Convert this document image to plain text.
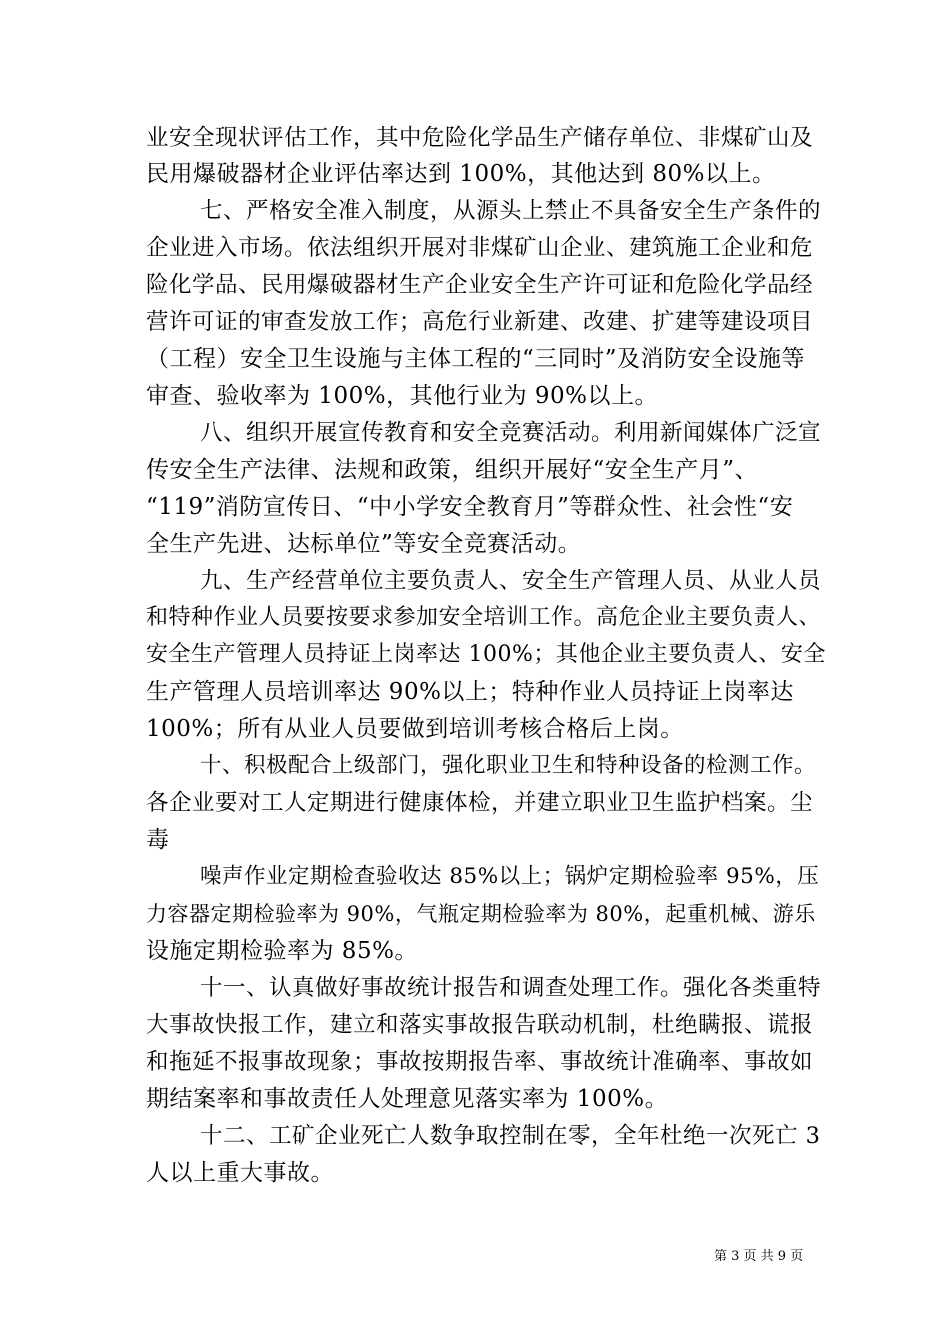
业安全现状评估工作，其中危险化学品生产储存单位、非煤矿山及
民用爆破器材企业评估率达到 100%，其他达到 80%以上。
七、严格安全准入制度，从源头上禁止不具备安全生产条件的
企业进入市场。依法组织开展对非煤矿山企业、建筑施工企业和危
险化学品、民用爆破器材生产企业安全生产许可证和危险化学品经
营许可证的审查发放工作；高危行业新建、改建、扩建等建设项目
（工程）安全卫生设施与主体工程的“三同时”及消防安全设施等
审查、验收率为 100%，其他行业为 90%以上。
八、组织开展宣传教育和安全竞赛活动。利用新闻媒体广泛宣
传安全生产法律、法规和政策，组织开展好“安全生产月”、
“119”消防宣传日、“中小学安全教育月”等群众性、社会性“安
全生产先进、达标单位”等安全竞赛活动。
九、生产经营单位主要负责人、安全生产管理人员、从业人员
和特种作业人员要按要求参加安全培训工作。高危企业主要负责人、
安全生产管理人员持证上岗率达 100%；其他企业主要负责人、安全
生产管理人员培训率达 90%以上；特种作业人员持证上岗率达
100%；所有从业人员要做到培训考核合格后上岗。
十、积极配合上级部门，强化职业卫生和特种设备的检测工作。
各企业要对工人定期进行健康体检，并建立职业卫生监护档案。尘
毒
噪声作业定期检查验收达 85%以上；锅炉定期检验率 95%，压
力容器定期检验率为 90%，气瓶定期检验率为 80%，起重机械、游乐
设施定期检验率为 85%。
十一、认真做好事故统计报告和调查处理工作。强化各类重特
大事故快报工作，建立和落实事故报告联动机制，杜绝瞒报、谎报
和拖延不报事故现象；事故按期报告率、事故统计准确率、事故如
期结案率和事故责任人处理意见落实率为 100%。
十二、工矿企业死亡人数争取控制在零，全年杜绝一次死亡 3
人以上重大事故。
第 3 页 共 9 页
